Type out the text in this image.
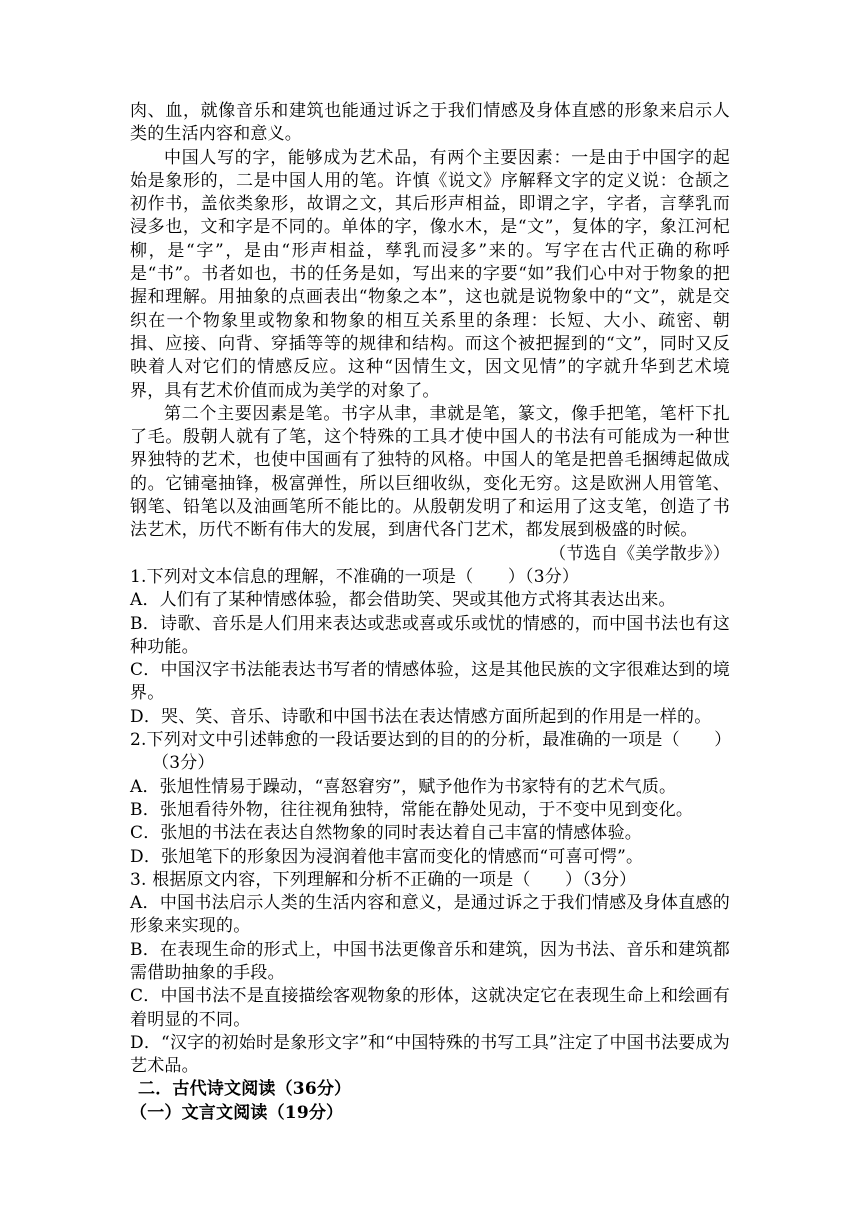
肉、血，就像音乐和建筑也能通过诉之于我们情感及身体直感的形象来启示人类的生活内容和意义。

中国人写的字，能够成为艺术品，有两个主要因素：一是由于中国字的起始是象形的，二是中国人用的笔。许慎《说文》序解释文字的定义说：仓颉之初作书，盖依类象形，故谓之文，其后形声相益，即谓之字，字者，言孳乳而浸多也，文和字是不同的。单体的字，像水木，是“文”，复体的字，象江河杞柳，是“字”，是由“形声相益，孳乳而浸多”来的。写字在古代正确的称呼是“书”。书者如也，书的任务是如，写出来的字要“如”我们心中对于物象的把握和理解。用抽象的点画表出“物象之本”，这也就是说物象中的“文”，就是交织在一个物象里或物象和物象的相互关系里的条理：长短、大小、疏密、朝揖、应接、向背、穿插等等的规律和结构。而这个被把握到的“文”，同时又反映着人对它们的情感反应。这种“因情生文，因文见情”的字就升华到艺术境界，具有艺术价值而成为美学的对象了。

第二个主要因素是笔。书字从聿，聿就是笔，篆文，像手把笔，笔杆下扎了毛。殷朝人就有了笔，这个特殊的工具才使中国人的书法有可能成为一种世界独特的艺术，也使中国画有了独特的风格。中国人的笔是把兽毛捆缚起做成的。它铺毫抽锋，极富弹性，所以巨细收纵，变化无穷。这是欧洲人用管笔、钢笔、铅笔以及油画笔所不能比的。从殷朝发明了和运用了这支笔，创造了书法艺术，历代不断有伟大的发展，到唐代各门艺术，都发展到极盛的时候。

（节选自《美学散步》）

1.下列对文本信息的理解，不准确的一项是（　　）（3分）

A．人们有了某种情感体验，都会借助笑、哭或其他方式将其表达出来。

B．诗歌、音乐是人们用来表达或悲或喜或乐或忧的情感的，而中国书法也有这种功能。

C．中国汉字书法能表达书写者的情感体验，这是其他民族的文字很难达到的境界。

D．哭、笑、音乐、诗歌和中国书法在表达情感方面所起到的作用是一样的。

2.下列对文中引述韩愈的一段话要达到的目的的分析，最准确的一项是（　　）

（3分）

A．张旭性情易于躁动，“喜怒窘穷”，赋予他作为书家特有的艺术气质。

B．张旭看待外物，往往视角独特，常能在静处见动，于不变中见到变化。

C．张旭的书法在表达自然物象的同时表达着自己丰富的情感体验。

D．张旭笔下的形象因为浸润着他丰富而变化的情感而“可喜可愕”。

3. 根据原文内容，下列理解和分析不正确的一项是（　　）（3分）

A．中国书法启示人类的生活内容和意义，是通过诉之于我们情感及身体直感的形象来实现的。

B．在表现生命的形式上，中国书法更像音乐和建筑，因为书法、音乐和建筑都需借助抽象的手段。

C．中国书法不是直接描绘客观物象的形体，这就决定它在表现生命上和绘画有着明显的不同。

D．“汉字的初始时是象形文字”和“中国特殊的书写工具”注定了中国书法要成为艺术品。

二．古代诗文阅读（36分）

（一）文言文阅读（19分）
